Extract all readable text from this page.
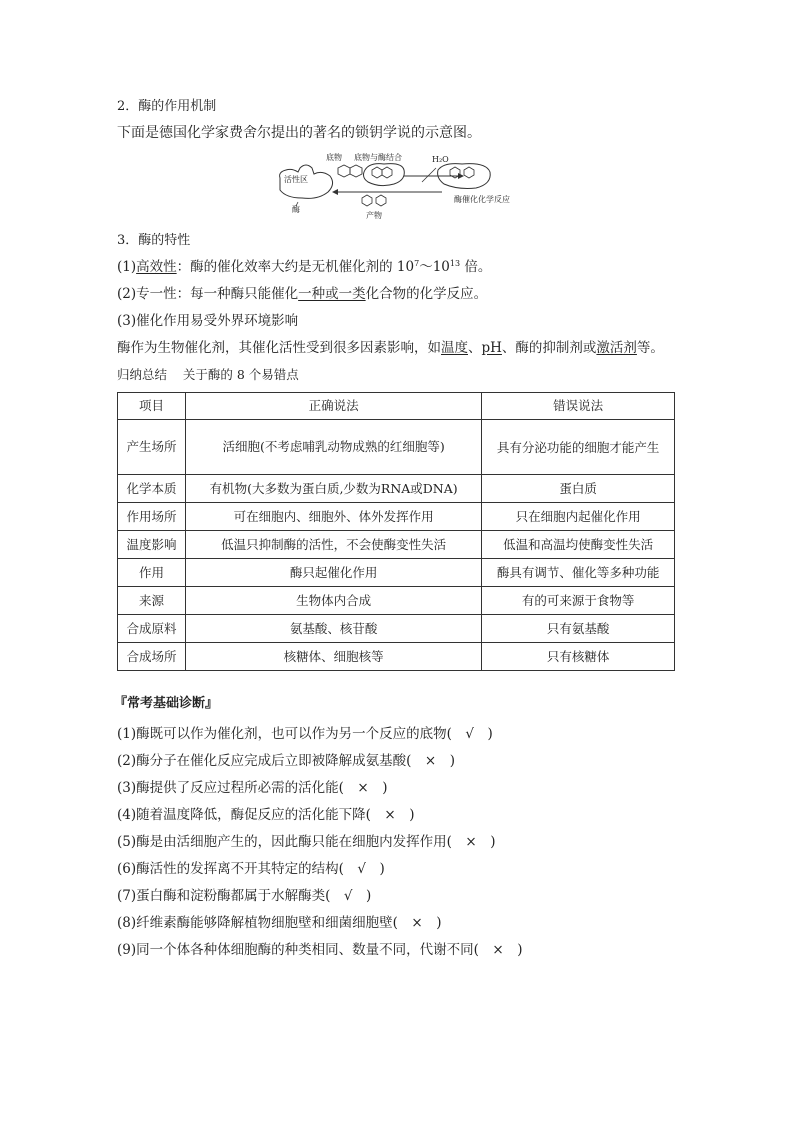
2．酶的作用机制
下面是德国化学家费舍尔提出的著名的锁钥学说的示意图。
活性区
酶
底物 底物与酶结合	H₂O
酶催化化学反应
产物
3．酶的特性
(1)高效性：酶的催化效率大约是无机催化剂的 $10^7\sim 10^{13}$ 倍。
(2)专一性：每一种酶只能催化一种或一类化合物的化学反应。
(3)催化作用易受外界环境影响
酶作为生物催化剂，其催化活性受到很多因素影响，如温度、pH、酶的抑制剂或激活剂等。
归纳总结    关于酶的 8 个易错点
项目	正确说法	错误说法
产生场所	活细胞(不考虑哺乳动物成熟的红细胞等)	具有分泌功能的细胞才能产生
化学本质	有机物(大多数为蛋白质,少数为RNA或DNA)	蛋白质
作用场所	可在细胞内、细胞外、体外发挥作用	只在细胞内起催化作用
温度影响	低温只抑制酶的活性，不会使酶变性失活	低温和高温均使酶变性失活
作用	酶只起催化作用	酶具有调节、催化等多种功能
来源	生物体内合成	有的可来源于食物等
合成原料	氨基酸、核苷酸	只有氨基酸
合成场所	核糖体、细胞核等	只有核糖体
『常考基础诊断』
(1)酶既可以作为催化剂，也可以作为另一个反应的底物(　√　)
(2)酶分子在催化反应完成后立即被降解成氨基酸(　×　)
(3)酶提供了反应过程所必需的活化能(　×　)
(4)随着温度降低，酶促反应的活化能下降(　×　)
(5)酶是由活细胞产生的，因此酶只能在细胞内发挥作用(　×　)
(6)酶活性的发挥离不开其特定的结构(　√　)
(7)蛋白酶和淀粉酶都属于水解酶类(　√　)
(8)纤维素酶能够降解植物细胞壁和细菌细胞壁(　×　)
(9)同一个体各种体细胞酶的种类相同、数量不同，代谢不同(　×　)
